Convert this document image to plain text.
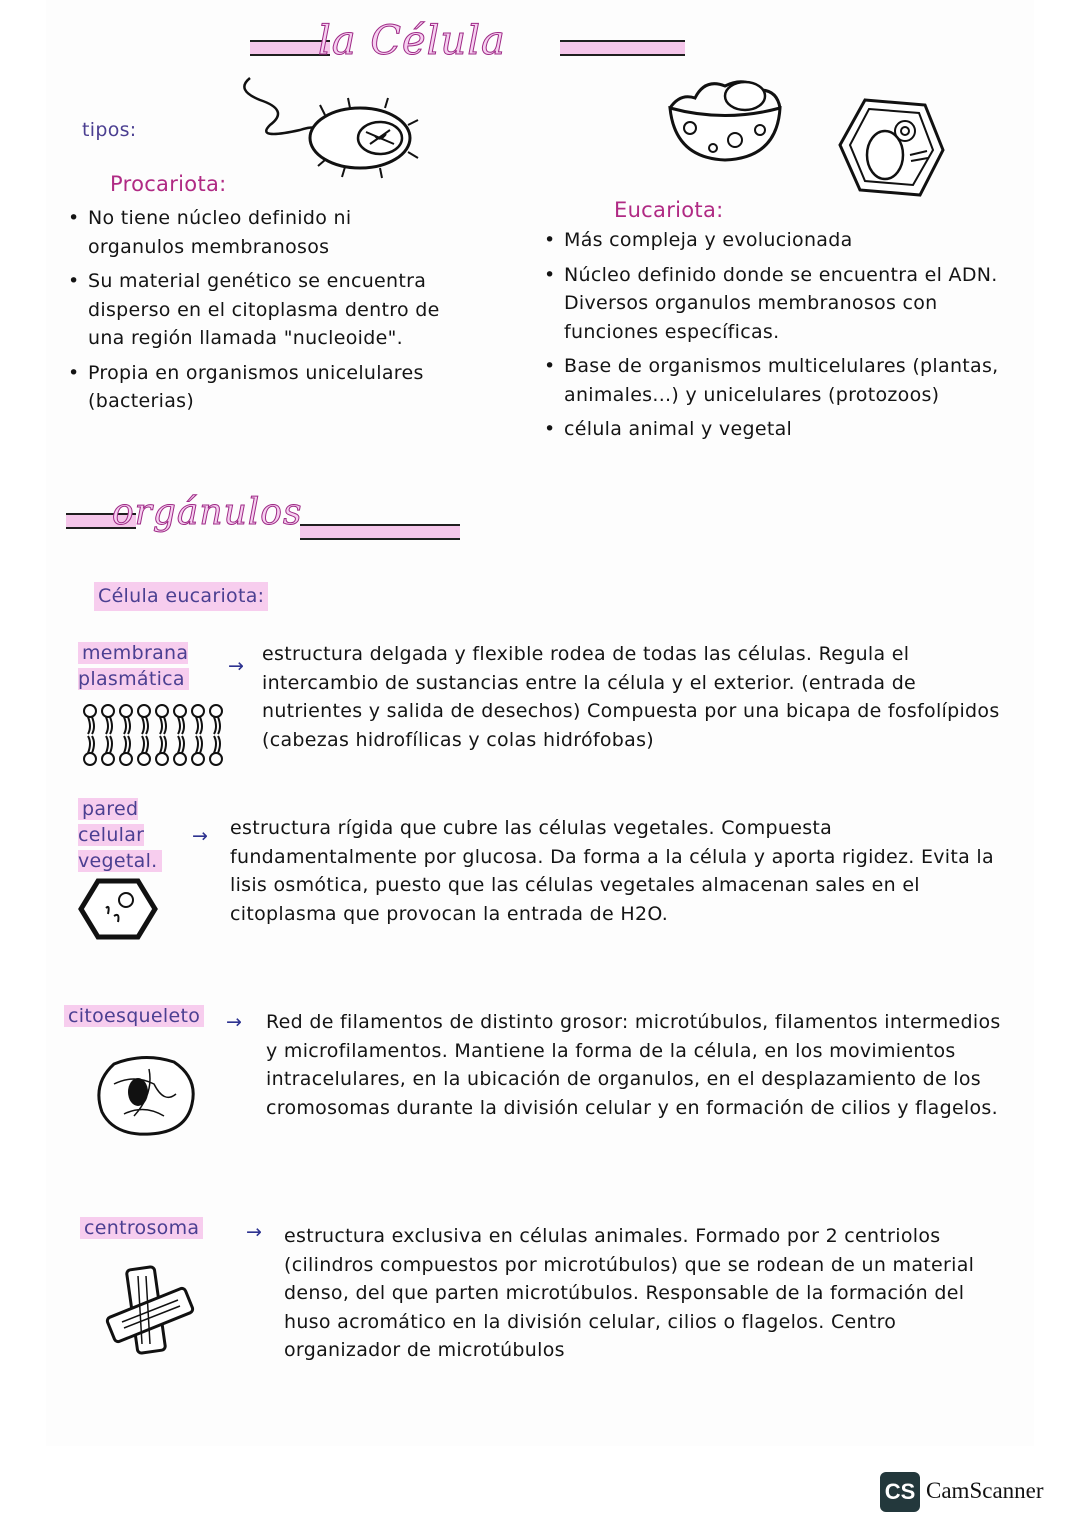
la Célula
tipos:
Procariota:
• No tiene núcleo definido ni organulos membranosos
• Su material genético se encuentra disperso en el citoplasma dentro de una región llamada "nucleoide".
• Propia en organismos unicelulares (bacterias)
Eucariota:
• Más compleja y evolucionada
• Núcleo definido donde se encuentra el ADN. Diversos organulos membranosos con funciones específicas.
• Base de organismos multicelulares (plantas, animales...) y unicelulares (protozoos)
• célula animal y vegetal
orgánulos
Célula eucariota:
membrana plasmática
→
estructura delgada y flexible rodea de todas las células. Regula el intercambio de sustancias entre la célula y el exterior. (entrada de nutrientes y salida de desechos) Compuesta por una bicapa de fosfolípidos (cabezas hidrofílicas y colas hidrófobas)
pared celular vegetal.
→ estructura rígida que cubre las células vegetales. Compuesta fundamentalmente por glucosa. Da forma a la célula y aporta rigidez. Evita la lisis osmótica, puesto que las células vegetales almacenan sales en el citoplasma que provocan la entrada de H2O.
citoesqueleto → Red de filamentos de distinto grosor: microtúbulos, filamentos intermedios y microfilamentos. Mantiene la forma de la célula, en los movimientos intracelulares, en la ubicación de organulos, en el desplazamiento de los cromosomas durante la división celular y en formación de cilios y flagelos.
centrosoma → estructura exclusiva en células animales. Formado por 2 centriolos (cilindros compuestos por microtúbulos) que se rodean de un material denso, del que parten microtúbulos. Responsable de la formación del huso acromático en la división celular, cilios o flagelos. Centro organizador de microtúbulos
CS CamScanner
